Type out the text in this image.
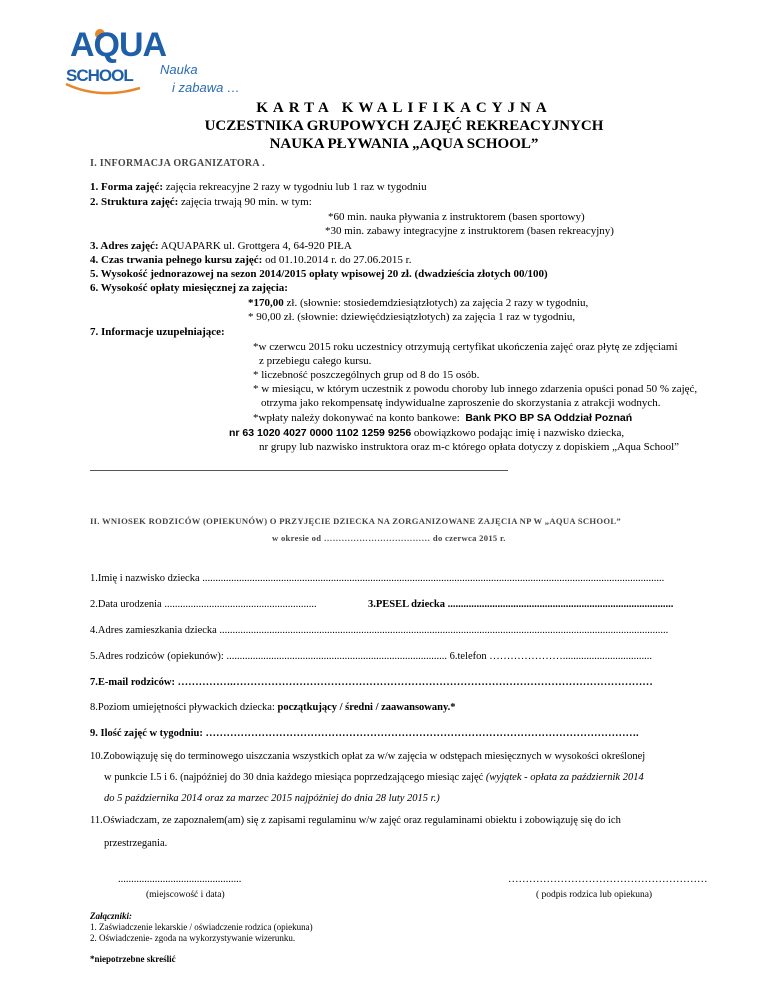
AQUA
SCHOOL Nauka
i zabawa …
KARTA KWALIFIKACYJNA
UCZESTNIKA GRUPOWYCH ZAJĘĆ REKREACYJNYCH
NAUKA PŁYWANIA „AQUA SCHOOL”
I. INFORMACJA ORGANIZATORA .
1. Forma zajęć: zajęcia rekreacyjne 2 razy w tygodniu lub 1 raz w tygodniu
2. Struktura zajęć: zajęcia trwają 90 min. w tym:
*60 min. nauka pływania z instruktorem (basen sportowy)
*30 min. zabawy integracyjne z instruktorem (basen rekreacyjny)
3. Adres zajęć: AQUAPARK ul. Grottgera 4, 64-920 PIŁA
4. Czas trwania pełnego kursu zajęć: od 01.10.2014 r. do 27.06.2015 r.
5. Wysokość jednorazowej na sezon 2014/2015 opłaty wpisowej 20 zł. (dwadzieścia złotych 00/100)
6. Wysokość opłaty miesięcznej za zajęcia:
*170,00 zł. (słownie: stosiedemdziesiątzłotych) za zajęcia 2 razy w tygodniu,
* 90,00 zł. (słownie: dziewięćdziesiątzłotych) za zajęcia 1 raz w tygodniu,
7. Informacje uzupełniające:
*w czerwcu 2015 roku uczestnicy otrzymują certyfikat ukończenia zajęć oraz płytę ze zdjęciami
z przebiegu całego kursu.
* liczebność poszczególnych grup od 8 do 15 osób.
* w miesiącu, w którym uczestnik z powodu choroby lub innego zdarzenia opuści ponad 50 % zajęć,
otrzyma jako rekompensatę indywidualne zaproszenie do skorzystania z atrakcji wodnych.
*wpłaty należy dokonywać na konto bankowe: Bank PKO BP SA Oddział Poznań
nr 63 1020 4027 0000 1102 1259 9256 obowiązkowo podając imię i nazwisko dziecka,
nr grupy lub nazwisko instruktora oraz m-c którego opłata dotyczy z dopiskiem „Aqua School”
II. WNIOSEK RODZICÓW (OPIEKUNÓW) O PRZYJĘCIE DZIECKA NA ZORGANIZOWANE ZAJĘCIA NP W „AQUA SCHOOL”
w okresie od ……………………………… do czerwca 2015 r.
1.Imię i nazwisko dziecka ................................................................................................................................................................................
2.Data urodzenia ..........................................................	3.PESEL dziecka ......................................................................................
4.Adres zamieszkania dziecka ...........................................................................................................................................................................
5.Adres rodziców (opiekunów): .................................................................................... 6.telefon …………………..................................
7.E-mail rodziców: …………….…………………………………………………………………………………………………………
8.Poziom umiejętności pływackich dziecka: początkujący / średni / zaawansowany.*
9. Ilość zajęć w tygodniu: …………………………………………………………………………………………………………….
10.Zobowiązuję się do terminowego uiszczania wszystkich opłat za w/w zajęcia w odstępach miesięcznych w wysokości określonej
w punkcie I.5 i 6. (najpóźniej do 30 dnia każdego miesiąca poprzedzającego miesiąc zajęć (wyjątek - opłata za październik 2014
do 5 października 2014 oraz za marzec 2015 najpóźniej do dnia 28 luty 2015 r.)
11.Oświadczam, ze zapoznałem(am) się z zapisami regulaminu w/w zajęć oraz regulaminami obiektu i zobowiązuję się do ich
przestrzegania.
...............................................
(miejscowość i data)
…………………………………………………
( podpis rodzica lub opiekuna)
Załączniki:
1. Zaświadczenie lekarskie / oświadczenie rodzica (opiekuna)
2. Oświadczenie- zgoda na wykorzystywanie wizerunku.
*niepotrzebne skreślić
